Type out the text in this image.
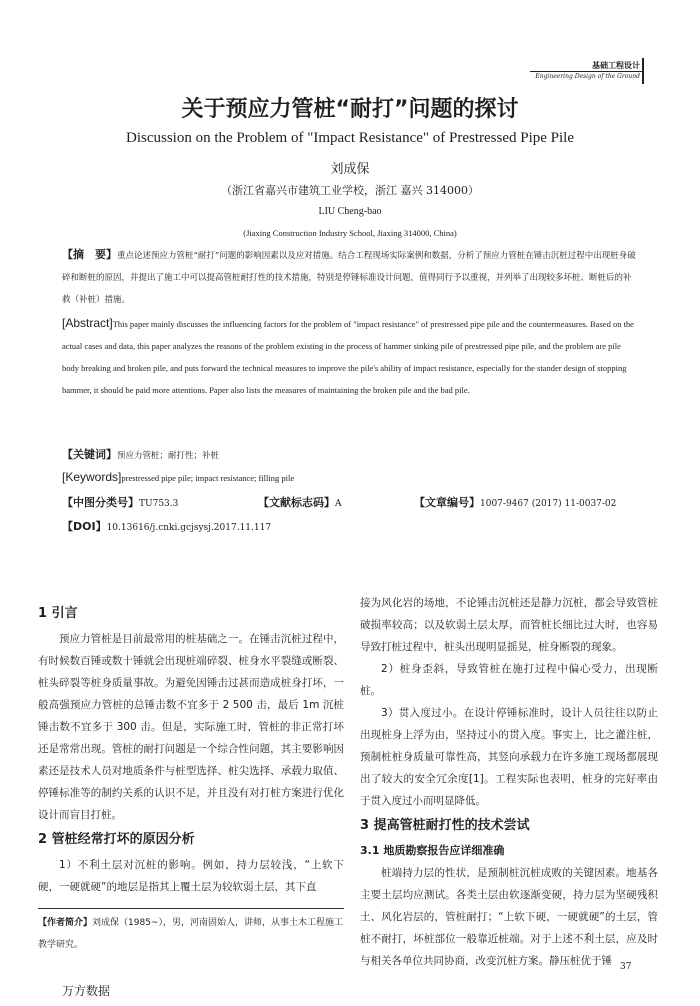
基础工程设计
Engineering Design of the Ground
关于预应力管桩“耐打”问题的探讨
Discussion on the Problem of "Impact Resistance" of Prestressed Pipe Pile
刘成保
（浙江省嘉兴市建筑工业学校，浙江 嘉兴 314000）
LIU Cheng-bao
(Jiaxing Construction Industry School, Jiaxing 314000, China)
【摘　要】重点论述预应力管桩“耐打”问题的影响因素以及应对措施。结合工程现场实际案例和数据，分析了预应力管桩在锤击沉桩过程中出现桩身破碎和断桩的原因，并提出了施工中可以提高管桩耐打性的技术措施，特别是停锤标准设计问题，值得同行予以重视，并列举了出现较多坏桩、断桩后的补救（补桩）措施。
[Abstract]This paper mainly discusses the influencing factors for the problem of "impact resistance" of prestressed pipe pile and the countermeasures. Based on the actual cases and data, this paper analyzes the reasons of the problem existing in the process of hammer sinking pile of prestressed pipe pile, and the problem are pile body breaking and broken pile, and puts forward the technical measures to improve the pile's ability of impact resistance, especially for the stander design of stopping hammer, it should be paid more attentions. Paper also lists the measures of maintaining the broken pile and the bad pile.
【关键词】预应力管桩；耐打性；补桩
[Keywords]prestressed pipe pile; impact resistance; filling pile
【中图分类号】TU753.3	【文献标志码】A	【文章编号】1007-9467 (2017) 11-0037-02
【DOI】10.13616/j.cnki.gcjsysj.2017.11.117
1 引言

预应力管桩是目前最常用的桩基础之一。在锤击沉桩过程中，有时候数百锤或数十锤就会出现桩端碎裂、桩身水平裂缝或断裂、桩头碎裂等桩身质量事故。为避免因锤击过甚而造成桩身打坏，一般高强预应力管桩的总锤击数不宜多于 2 500 击，最后 1m 沉桩锤击数不宜多于 300 击。但是，实际施工时，管桩的非正常打坏还是常常出现。管桩的耐打问题是一个综合性问题，其主要影响因素还是技术人员对地质条件与桩型选择、桩尖选择、承载力取值、停锤标准等的制约关系的认识不足，并且没有对打桩方案进行优化设计而盲目打桩。

2 管桩经常打坏的原因分析

1）不利土层对沉桩的影响。例如，持力层较浅，“上软下硬，一硬就硬”的地层是指其上覆土层为较软弱土层，其下直

【作者简介】刘成保（1985~），男，河南固始人，讲师，从事土木工程施工教学研究。

接为风化岩的场地，不论锤击沉桩还是静力沉桩，都会导致管桩破损率较高；以及软弱土层太厚，而管桩长细比过大时，也容易导致打桩过程中，桩头出现明显摇晃，桩身断裂的现象。

2）桩身歪斜，导致管桩在施打过程中偏心受力，出现断桩。

3）贯入度过小。在设计停锤标准时，设计人员往往以防止出现桩身上浮为由，坚持过小的贯入度。事实上，比之灌注桩，预制桩桩身质量可靠性高，其竖向承载力在许多施工现场都展现出了较大的安全冗余度[1]。工程实际也表明，桩身的完好率由于贯入度过小而明显降低。

3 提高管桩耐打性的技术尝试
3.1 地质勘察报告应详细准确

桩端持力层的性状，是预制桩沉桩成败的关键因素。地基各主要土层均应测试。各类土层由软逐渐变硬，持力层为坚硬残积土、风化岩层的，管桩耐打；“上软下硬，一硬就硬”的土层，管桩不耐打，坏桩部位一般靠近桩端。对于上述不利土层，应及时与相关各单位共同协商，改变沉桩方案。静压桩优于锤 37
万方数据
